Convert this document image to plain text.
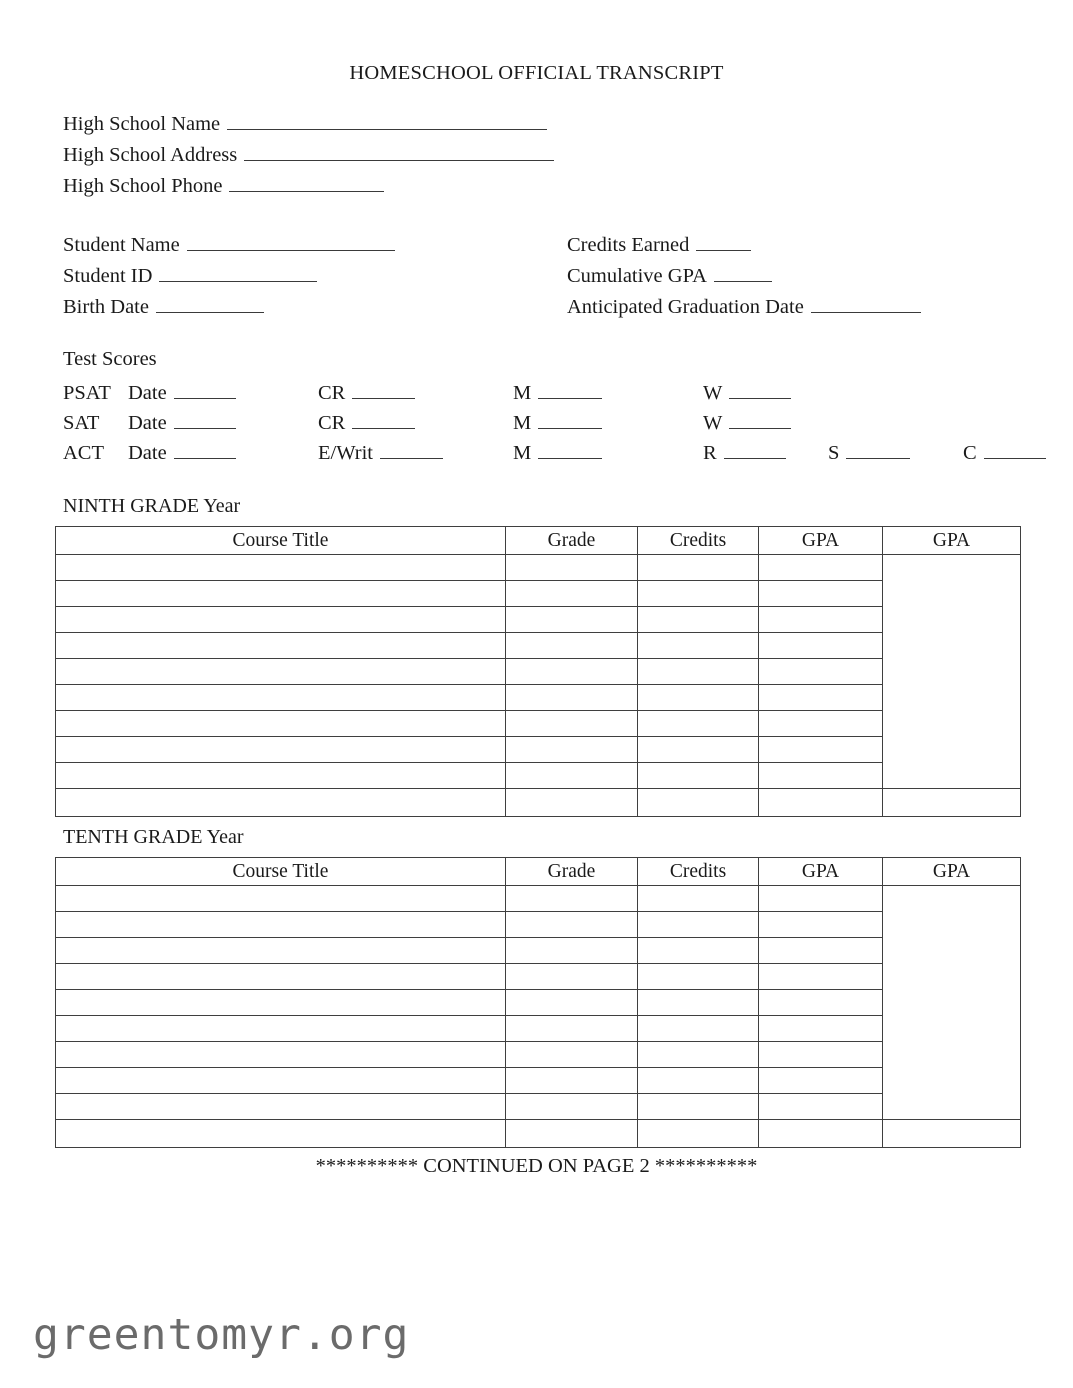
HOMESCHOOL OFFICIAL TRANSCRIPT
High School Name
High School Address
High School Phone
Student Name
Student ID
Birth Date
Credits Earned
Cumulative GPA
Anticipated Graduation Date
Test Scores
PSAT Date	CR	M	W
SAT	Date	CR	M	W
ACT	Date	E/Writ	M	R	S	C
NINTH GRADE Year
Course Title	Grade	Credits	GPA	GPA

TENTH GRADE Year
Course Title	Grade	Credits	GPA	GPA

********** CONTINUED ON PAGE 2 **********
greentomyr.org
